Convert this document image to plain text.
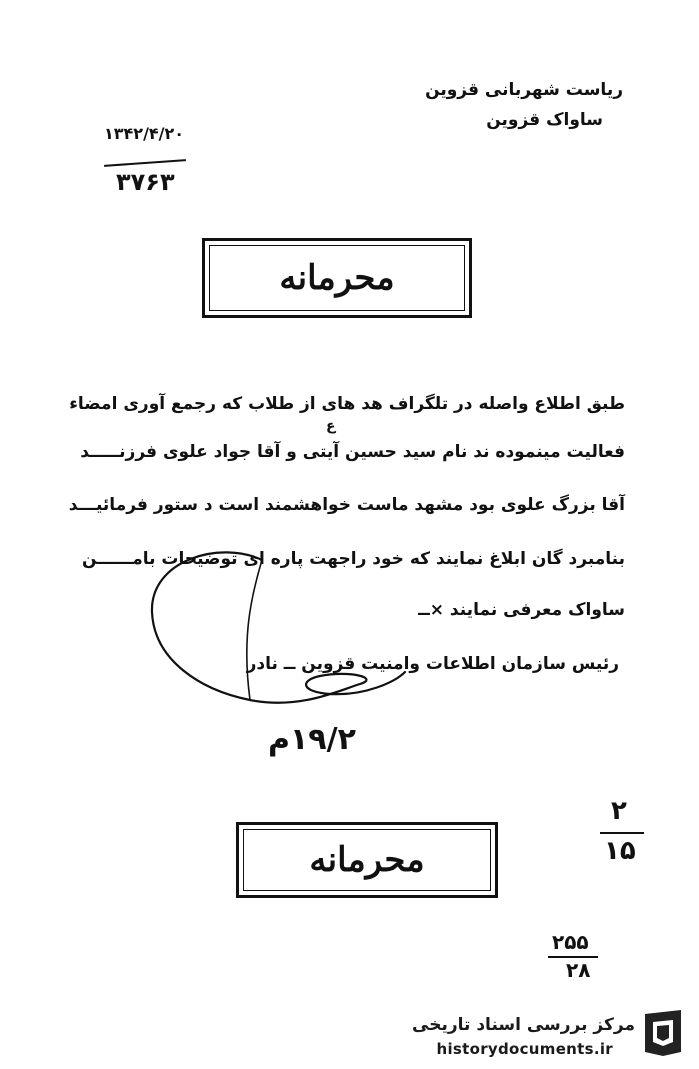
ریاست شهربانی قزوین
ساواک قزوین
۱۳۴۲/۴/۲۰
۳۷۶۳
محرمانه
طبق اطلاع واصله در تلگراف هد های از طلاب که رجمع آوری امضاء
ع
فعالیت مینموده ند نام سید حسین آیتی و آقا جواد علوی فرزنـــــد
آقا بزرگ علوی بود مشهد ماست خواهشمند است د ستور فرمائیـــد
بنامبرد گان ابلاغ نمایند که خود راجهت پاره ای توضیحات بامــــــن
ساواک معرفی نمایند ×ــ
رئیس سازمان اطلاعات وامنیت قزوین ــ نادر
۱۹/۲م
۲
۱۵
محرمانه
۲۵۵
۲۸
مرکز بررسی اسناد تاریخی
historydocuments.ir
